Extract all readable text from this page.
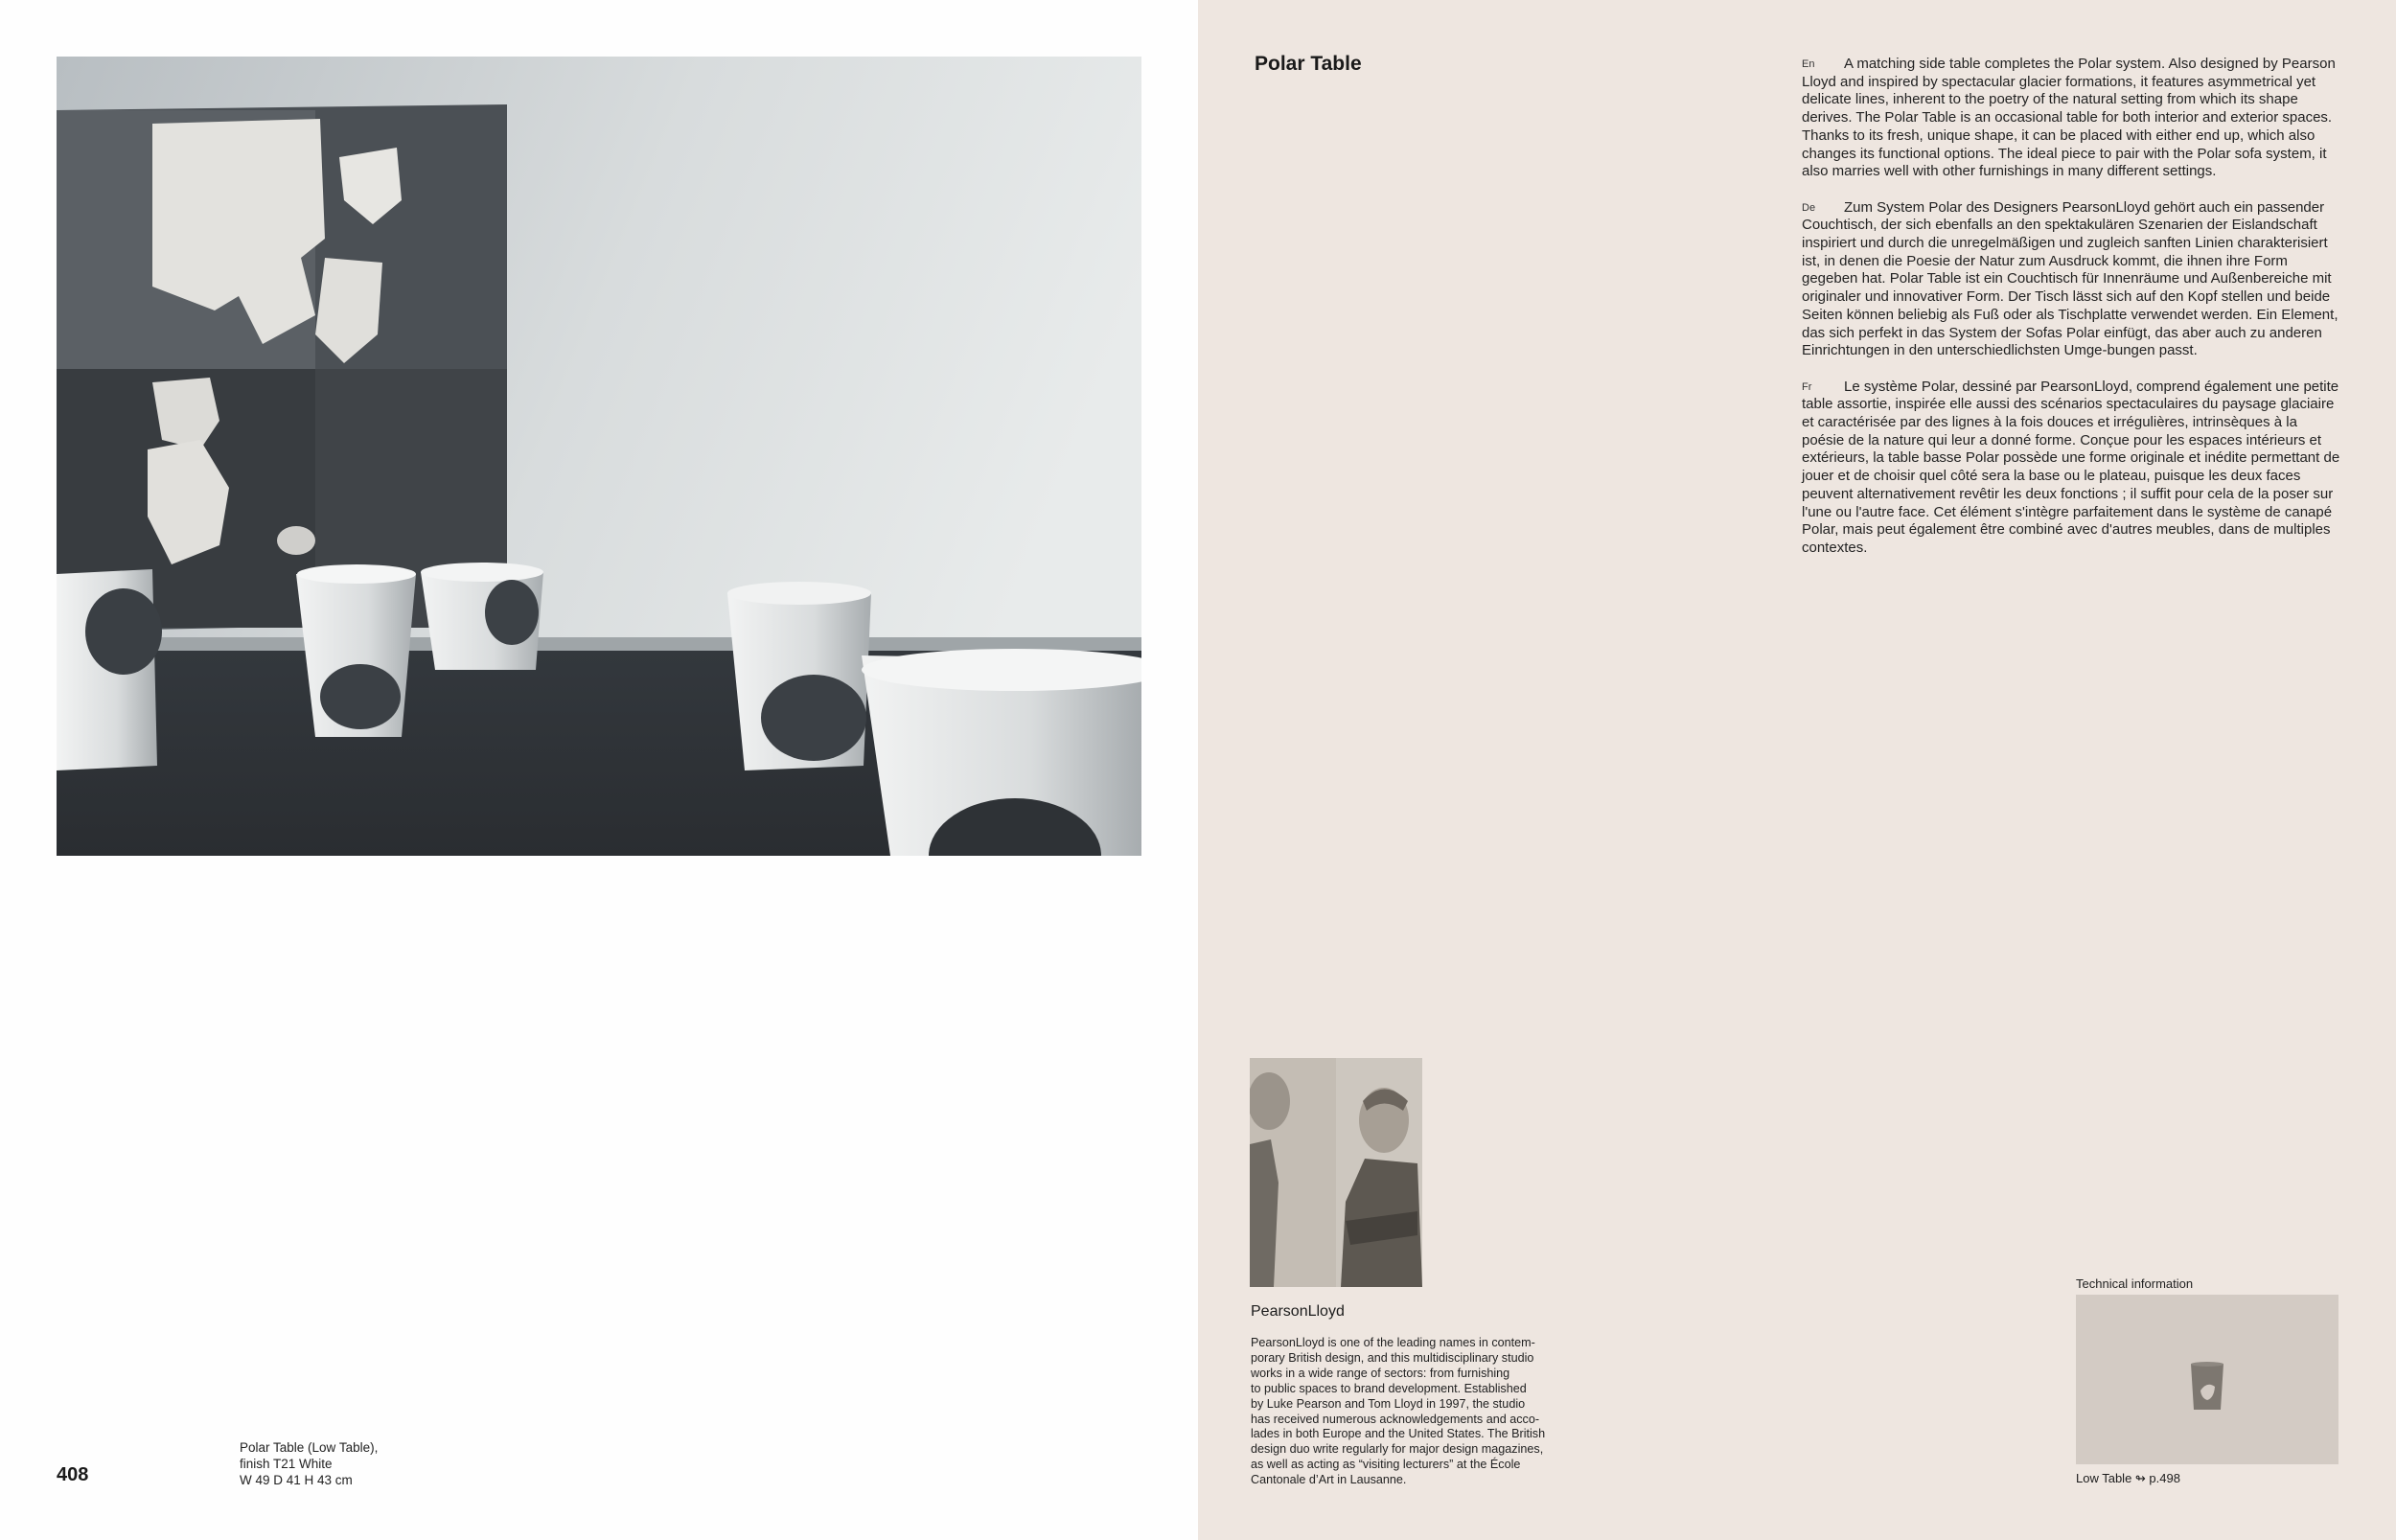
Polar Table (Low Table),
finish T21 White
W 49 D 41 H 43 cm
408
Polar Table	En A matching side table completes the Polar system. Also designed by Pearson Lloyd and inspired by spectacular glacier formations, it features asymmetrical yet delicate lines, inherent to the poetry of the natural setting from which its shape derives. The Polar Table is an occasional table for both interior and exterior spaces. Thanks to its fresh, unique shape, it can be placed with either end up, which also changes its functional options. The ideal piece to pair with the Polar sofa system, it also marries well with other furnishings in many different settings.
De Zum System Polar des Designers PearsonLloyd gehört auch ein passender Couchtisch, der sich ebenfalls an den spektakulären Szenarien der Eislandschaft inspiriert und durch die unregelmäßigen und zugleich sanften Linien charakterisiert ist, in denen die Poesie der Natur zum Ausdruck kommt, die ihnen ihre Form gegeben hat. Polar Table ist ein Couchtisch für Innenräume und Außenbereiche mit originaler und innovativer Form. Der Tisch lässt sich auf den Kopf stellen und beide Seiten können beliebig als Fuß oder als Tischplatte verwendet werden. Ein Element, das sich perfekt in das System der Sofas Polar einfügt, das aber auch zu anderen Einrichtungen in den unterschiedlichsten Umge-bungen passt.
Fr Le système Polar, dessiné par PearsonLloyd, comprend également une petite table assortie, inspirée elle aussi des scénarios spectaculaires du paysage glaciaire et caractérisée par des lignes à la fois douces et irrégulières, intrinsèques à la poésie de la nature qui leur a donné forme. Conçue pour les espaces intérieurs et extérieurs, la table basse Polar possède une forme originale et inédite permettant de jouer et de choisir quel côté sera la base ou le plateau, puisque les deux faces peuvent alternativement revêtir les deux fonctions ; il suffit pour cela de la poser sur l'une ou l'autre face. Cet élément s'intègre parfaitement dans le système de canapé Polar, mais peut également être combiné avec d'autres meubles, dans de multiples contextes.
PearsonLloyd
PearsonLloyd is one of the leading names in contem-
porary British design, and this multidisciplinary studio
works in a wide range of sectors: from furnishing
to public spaces to brand development. Established
by Luke Pearson and Tom Lloyd in 1997, the studio
has received numerous acknowledgements and acco-
lades in both Europe and the United States. The British
design duo write regularly for major design magazines,
as well as acting as “visiting lecturers” at the École
Cantonale d’Art in Lausanne.
Technical information
Low Table ↬ p.498
